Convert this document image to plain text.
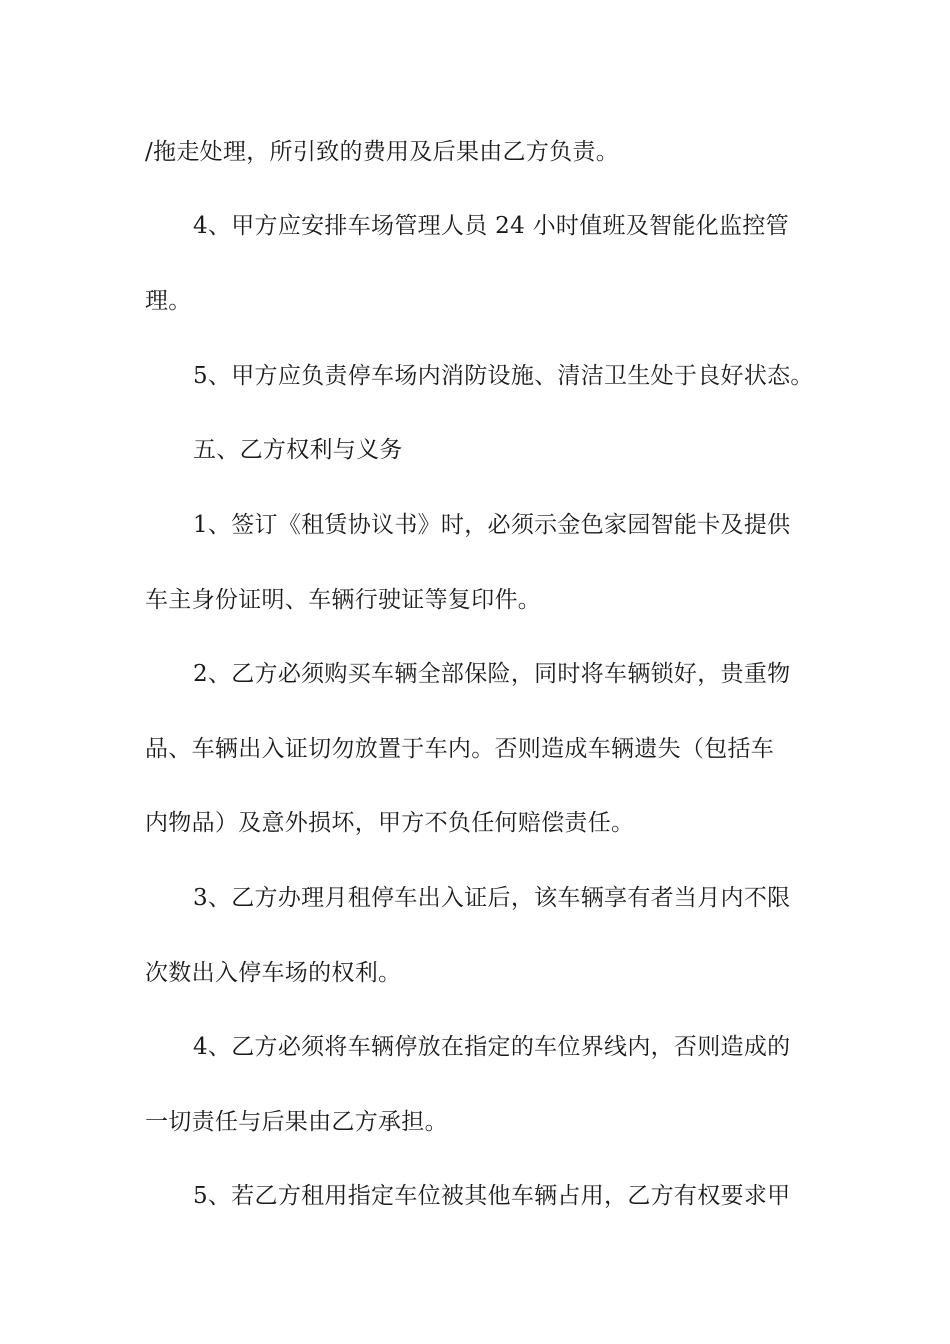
/拖走处理，所引致的费用及后果由乙方负责。
4、甲方应安排车场管理人员 24 小时值班及智能化监控管
理。
5、甲方应负责停车场内消防设施、清洁卫生处于良好状态。
五、乙方权利与义务
1、签订《租赁协议书》时，必须示金色家园智能卡及提供
车主身份证明、车辆行驶证等复印件。
2、乙方必须购买车辆全部保险，同时将车辆锁好，贵重物
品、车辆出入证切勿放置于车内。否则造成车辆遗失（包括车
内物品）及意外损坏，甲方不负任何赔偿责任。
3、乙方办理月租停车出入证后，该车辆享有者当月内不限
次数出入停车场的权利。
4、乙方必须将车辆停放在指定的车位界线内，否则造成的
一切责任与后果由乙方承担。
5、若乙方租用指定车位被其他车辆占用，乙方有权要求甲
